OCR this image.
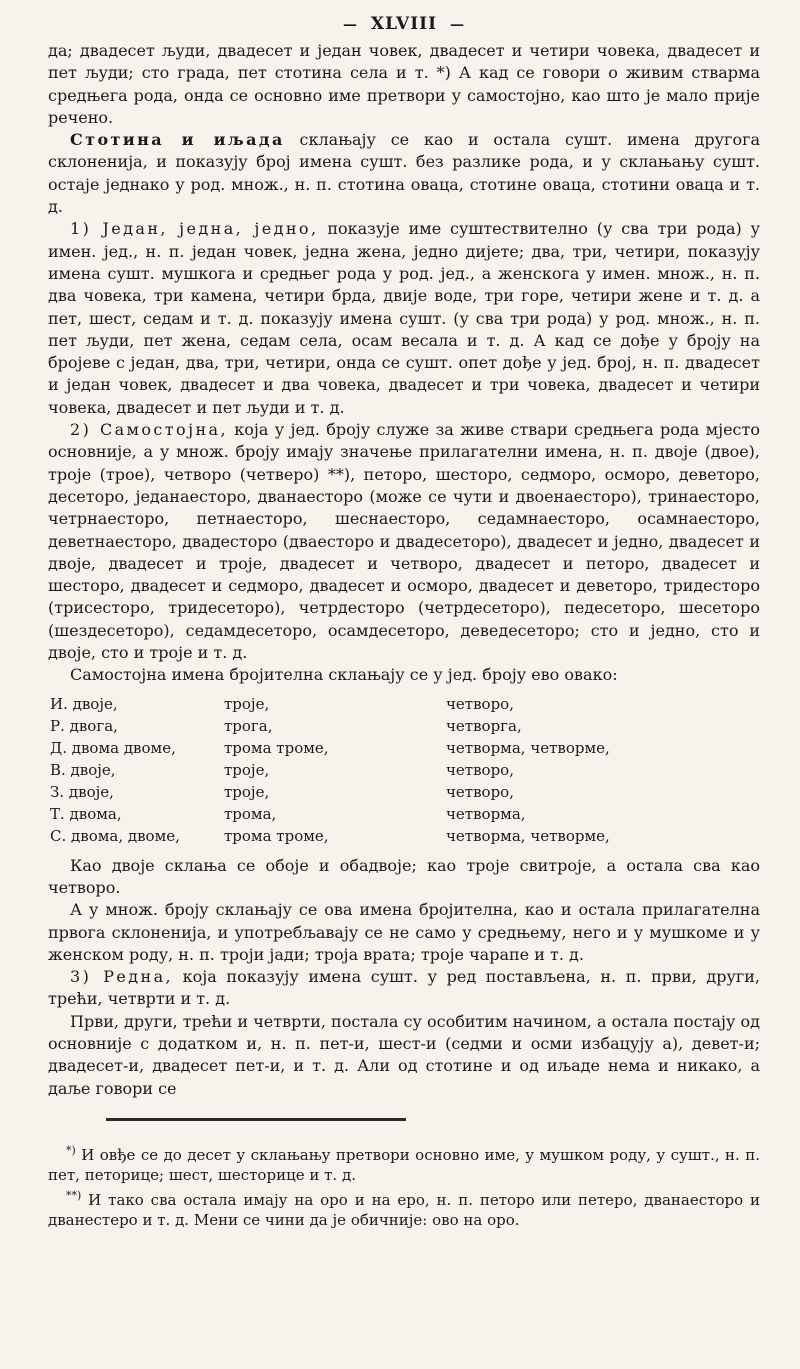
— XLVIII —

да; двадесет људи, двадесет и један човек, двадесет и четири човека, двадесет и пет људи; сто града, пет стотина села и т. *) А кад се говори о живим стварма средњега рода, онда се основно име претвори у самостојно, као што је мало прије речено.

Стотина и иљада склањају се као и остала сушт. имена другога склоненија, и показују број имена сушт. без разлике рода, и у склањању сушт. остаје једнако у род. множ., н. п. стотина оваца, стотине оваца, стотини оваца и т. д.

1) Један, једна, једно, показује име суштествително (у сва три рода) у имен. јед., н. п. један човек, једна жена, једно дијете; два, три, четири, показују имена сушт. мушкога и средњег рода у род. јед., а женскога у имен. множ., н. п. два човека, три камена, четири брда, двије воде, три горе, четири жене и т. д. а пет, шест, седам и т. д. показују имена сушт. (у сва три рода) у род. множ., н. п. пет људи, пет жена, седам села, осам весала и т. д. А кад се дође у броју на бројеве с један, два, три, четири, онда се сушт. опет дође у јед. број, н. п. двадесет и један човек, двадесет и два човека, двадесет и три човека, двадесет и четири човека, двадесет и пет људи и т. д.

2) Самостојна, која у јед. броју служе за живе ствари средњега рода мјесто основније, а у множ. броју имају значење прилагателни имена, н. п. двоје (двое), троје (трое), четворо (четверо) **), петоро, шесторо, седморо, осморо, деветоро, десеторо, једанаесторо, дванаесторо (може се чути и двоенаесторо), тринаесторо, четрнаесторо, петнаесторо, шеснаесторо, седамнаесторо, осамнаесторо, деветнаесторо, двадесторо (дваесторо и двадесеторо), двадесет и једно, двадесет и двоје, двадесет и троје, двадесет и четворо, двадесет и петоро, двадесет и шесторо, двадесет и седморо, двадесет и осморо, двадесет и деветоро, тридесторо (трисесторо, тридесеторо), четрдесторо (четрдесеторо), педесеторо, шесеторо (шездесеторо), седамдесеторо, осамдесеторо, деведесеторо; сто и једно, сто и двоје, сто и троје и т. д.

Самостојна имена бројителна склањају се у јед. броју ево овако:

И. двоје,	троје,	четворо,
Р. двога,	трога,	четворга,
Д. двома двоме,	трома троме,	четворма, четворме,
В. двоје,	троје,	четворо,
З. двоје,	троје,	четворо,
Т. двома,	трома,	четворма,
С. двома, двоме,	трома троме,	четворма, четворме,

Као двоје склања се обоје и обадвоје; као троје свитроје, а остала сва као четворо.

А у множ. броју склањају се ова имена бројителна, као и остала прилагателна првога склоненија, и употребљавају се не само у средњему, него и у мушкоме и у женском роду, н. п. троји јади; троја врата; троје чарапе и т. д.

3) Редна, која показују имена сушт. у ред постављена, н. п. први, други, трећи, четврти и т. д.

Први, други, трећи и четврти, постала су особитим начином, а остала постају од основније с додатком и, н. п. пет-и, шест-и (седми и осми избацују а), девет-и; двадесет-и, двадесет пет-и, и т. д. Али од стотине и од иљаде нема и никако, а даље говори се

*) И овђе се до десет у склањању претвори основно име, у мушком роду, у сушт., н. п. пет, петорице; шест, шесторице и т. д.

**) И тако сва остала имају на оро и на еро, н. п. петоро или петеро, дванаесторо и дванестеро и т. д. Мени се чини да је обичније: ово на оро.
